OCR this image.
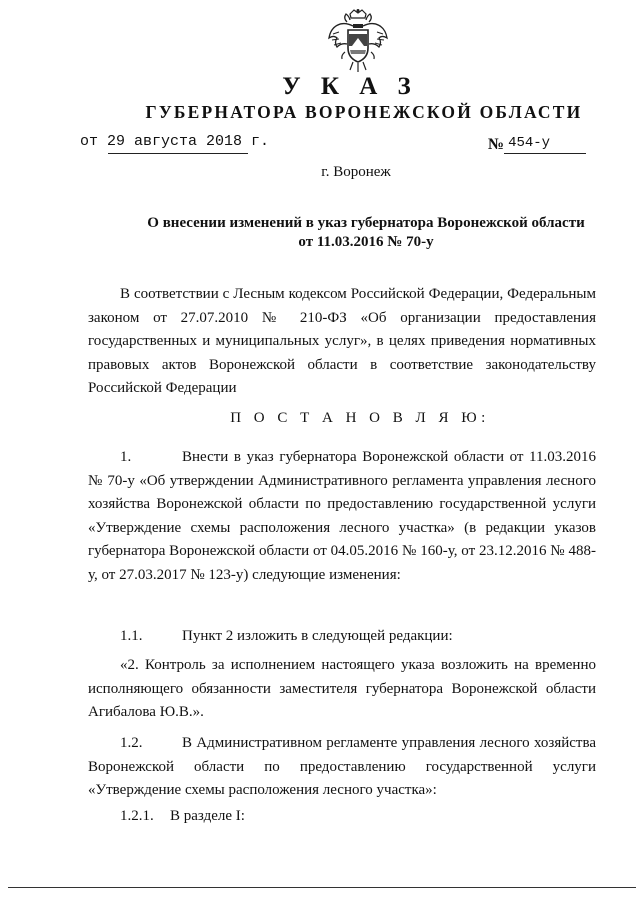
У К А З
ГУБЕРНАТОРА ВОРОНЕЖСКОЙ ОБЛАСТИ
от 29 августа 2018 г.	№ 454-у
г. Воронеж
О внесении изменений в указ губернатора Воронежской области
от 11.03.2016 № 70-у
В соответствии с Лесным кодексом Российской Федерации, Федеральным законом от 27.07.2010 № 210-ФЗ «Об организации предоставления государственных и муниципальных услуг», в целях приведения нормативных правовых актов Воронежской области в соответствие законодательству Российской Федерации
П О С Т А Н О В Л Я Ю:
1.	Внести в указ губернатора Воронежской области от 11.03.2016 № 70-у «Об утверждении Административного регламента управления лесного хозяйства Воронежской области по предоставлению государственной услуги «Утверждение схемы расположения лесного участка» (в редакции указов губернатора Воронежской области от 04.05.2016 № 160-у, от 23.12.2016 № 488-у, от 27.03.2017 № 123-у) следующие изменения:
1.1.	Пункт 2 изложить в следующей редакции:
«2. Контроль за исполнением настоящего указа возложить на временно исполняющего обязанности заместителя губернатора Воронежской области Агибалова Ю.В.».
1.2.	В Административном регламенте управления лесного хозяйства Воронежской области по предоставлению государственной услуги «Утверждение схемы расположения лесного участка»:
1.2.1. В разделе I:
